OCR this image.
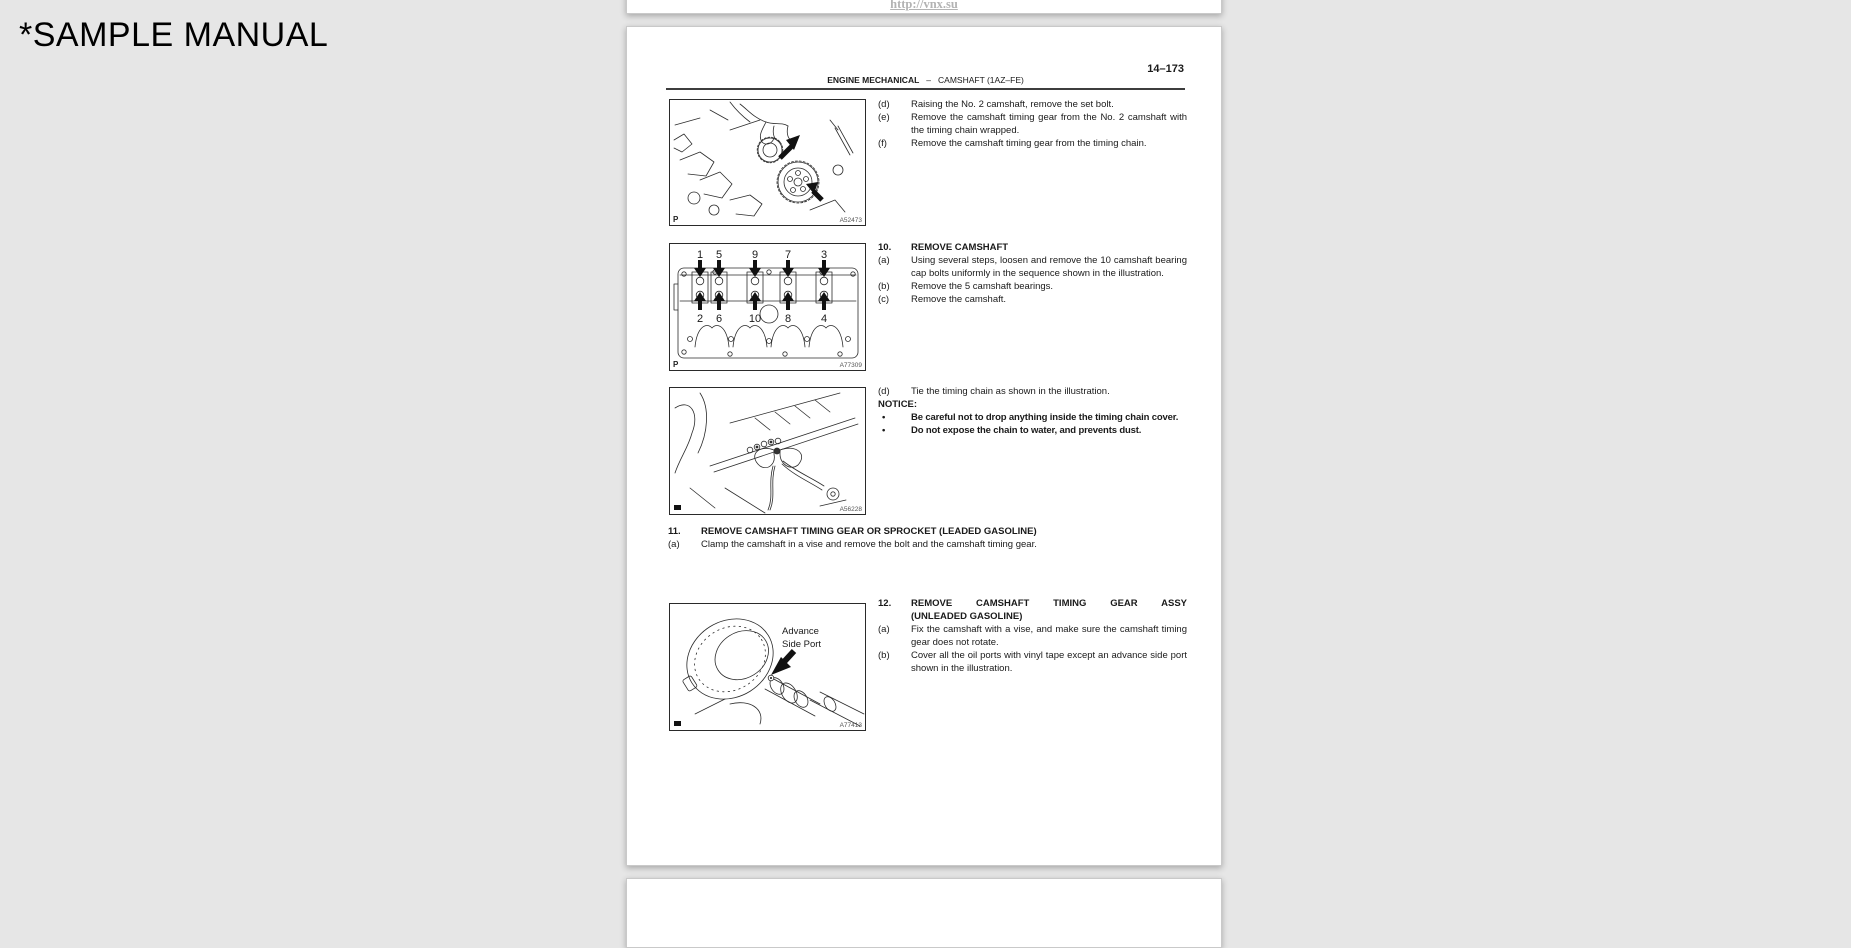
*SAMPLE MANUAL
http://vnx.su
14–173
ENGINE MECHANICAL – CAMSHAFT (1AZ–FE)
P	A52473
(d)	Raising the No. 2 camshaft, remove the set bolt.
(e)	Remove the camshaft timing gear from the No. 2 camshaft with the timing chain wrapped.
(f)	Remove the camshaft timing gear from the timing chain.
1 5	9 7	3
2 6 10 8	4
P	A77309
10.	REMOVE CAMSHAFT
(a)	Using several steps, loosen and remove the 10 camshaft bearing cap bolts uniformly in the sequence shown in the illustration.
(b)	Remove the 5 camshaft bearings.
(c)	Remove the camshaft.
A56228
(d)	Tie the timing chain as shown in the illustration.
NOTICE:
•	Be careful not to drop anything inside the timing chain cover.
•	Do not expose the chain to water, and prevents dust.
11.	REMOVE CAMSHAFT TIMING GEAR OR SPROCKET (LEADED GASOLINE)
(a)	Clamp the camshaft in a vise and remove the bolt and the camshaft timing gear.
Advance
Side Port
A77413
12.	REMOVE CAMSHAFT TIMING GEAR ASSY
(UNLEADED GASOLINE)
(a)	Fix the camshaft with a vise, and make sure the camshaft timing gear does not rotate.
(b)	Cover all the oil ports with vinyl tape except an advance side port shown in the illustration.
